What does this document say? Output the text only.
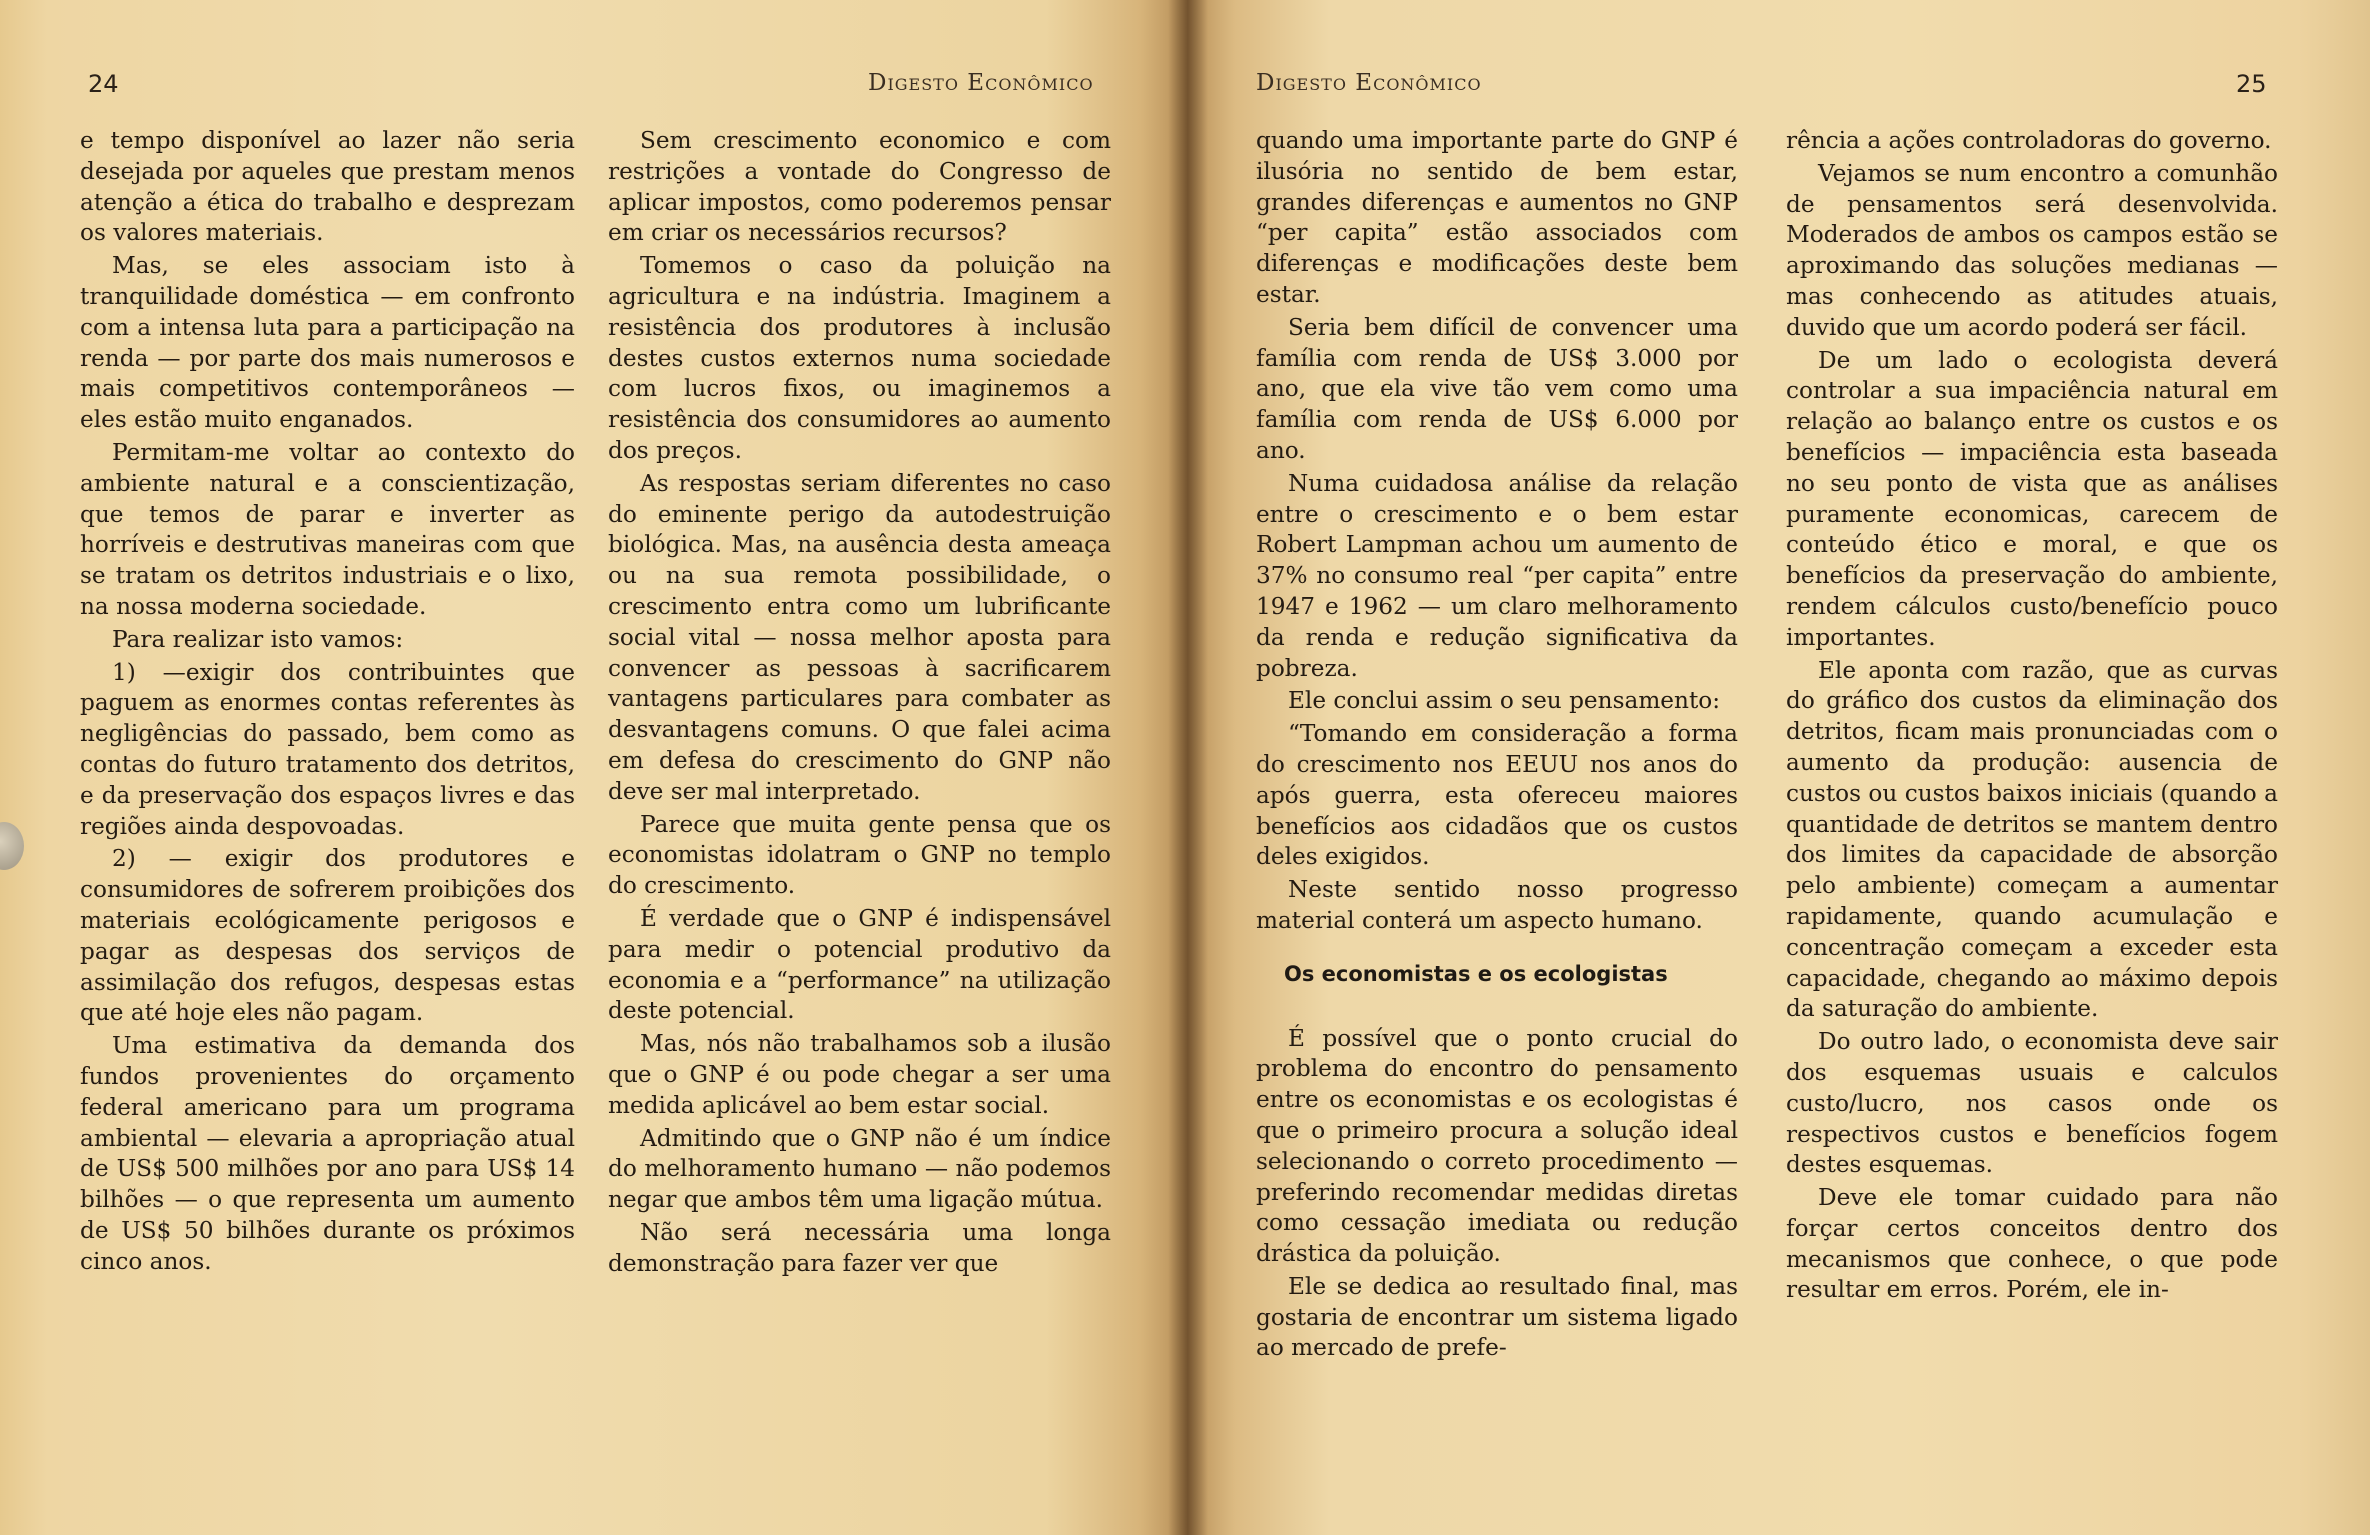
24	Digesto Econômico

e tempo disponível ao lazer não seria desejada por aqueles que prestam menos atenção a ética do trabalho e desprezam os valores materiais.

Mas, se eles associam isto à tranquilidade doméstica — em confronto com a intensa luta para a participação na renda — por parte dos mais numerosos e mais competitivos contemporâneos — eles estão muito enganados.

Permitam-me voltar ao contexto do ambiente natural e a conscientização, que temos de parar e inverter as horríveis e destrutivas maneiras com que se tratam os detritos industriais e o lixo, na nossa moderna sociedade.

Para realizar isto vamos:

1) —exigir dos contribuintes que paguem as enormes contas referentes às negligências do passado, bem como as contas do futuro tratamento dos detritos, e da preservação dos espaços livres e das regiões ainda despovoadas.

2) — exigir dos produtores e consumidores de sofrerem proibições dos materiais ecológicamente perigosos e pagar as despesas dos serviços de assimilação dos refugos, despesas estas que até hoje eles não pagam.

Uma estimativa da demanda dos fundos provenientes do orçamento federal americano para um programa ambiental — elevaria a apropriação atual de US$ 500 milhões por ano para US$ 14 bilhões — o que representa um aumento de US$ 50 bilhões durante os próximos cinco anos.

Sem crescimento economico e com restrições a vontade do Congresso de aplicar impostos, como poderemos pensar em criar os necessários recursos?

Tomemos o caso da poluição na agricultura e na indústria. Imaginem a resistência dos produtores à inclusão destes custos externos numa sociedade com lucros fixos, ou imaginemos a resistência dos consumidores ao aumento dos preços.

As respostas seriam diferentes no caso do eminente perigo da autodestruição biológica. Mas, na ausência desta ameaça ou na sua remota possibilidade, o crescimento entra como um lubrificante social vital — nossa melhor aposta para convencer as pessoas à sacrificarem vantagens particulares para combater as desvantagens comuns. O que falei acima em defesa do crescimento do GNP não deve ser mal interpretado.

Parece que muita gente pensa que os economistas idolatram o GNP no templo do crescimento.

É verdade que o GNP é indispensável para medir o potencial produtivo da economia e a “performance” na utilização deste potencial.

Mas, nós não trabalhamos sob a ilusão que o GNP é ou pode chegar a ser uma medida aplicável ao bem estar social.

Admitindo que o GNP não é um índice do melhoramento humano — não podemos negar que ambos têm uma ligação mútua.

Não será necessária uma longa demonstração para fazer ver que

Digesto Econômico	25

quando uma importante parte do GNP é ilusória no sentido de bem estar, grandes diferenças e aumentos no GNP “per capita” estão associados com diferenças e modificações deste bem estar.

Seria bem difícil de convencer uma família com renda de US$ 3.000 por ano, que ela vive tão vem como uma família com renda de US$ 6.000 por ano.

Numa cuidadosa análise da relação entre o crescimento e o bem estar Robert Lampman achou um aumento de 37% no consumo real “per capita” entre 1947 e 1962 — um claro melhoramento da renda e redução significativa da pobreza.

Ele conclui assim o seu pensamento:

“Tomando em consideração a forma do crescimento nos EEUU nos anos do após guerra, esta ofereceu maiores benefícios aos cidadãos que os custos deles exigidos.

Neste sentido nosso progresso material conterá um aspecto humano.

Os economistas e os ecologistas

É possível que o ponto crucial do problema do encontro do pensamento entre os economistas e os ecologistas é que o primeiro procura a solução ideal selecionando o correto procedimento — preferindo recomendar medidas diretas como cessação imediata ou redução drástica da poluição.

Ele se dedica ao resultado final, mas gostaria de encontrar um sistema ligado ao mercado de prefe-

rência a ações controladoras do governo.

Vejamos se num encontro a comunhão de pensamentos será desenvolvida. Moderados de ambos os campos estão se aproximando das soluções medianas — mas conhecendo as atitudes atuais, duvido que um acordo poderá ser fácil.

De um lado o ecologista deverá controlar a sua impaciência natural em relação ao balanço entre os custos e os benefícios — impaciência esta baseada no seu ponto de vista que as análises puramente economicas, carecem de conteúdo ético e moral, e que os benefícios da preservação do ambiente, rendem cálculos custo/benefício pouco importantes.

Ele aponta com razão, que as curvas do gráfico dos custos da eliminação dos detritos, ficam mais pronunciadas com o aumento da produção: ausencia de custos ou custos baixos iniciais (quando a quantidade de detritos se mantem dentro dos limites da capacidade de absorção pelo ambiente) começam a aumentar rapidamente, quando acumulação e concentração começam a exceder esta capacidade, chegando ao máximo depois da saturação do ambiente.

Do outro lado, o economista deve sair dos esquemas usuais e calculos custo/lucro, nos casos onde os respectivos custos e benefícios fogem destes esquemas.

Deve ele tomar cuidado para não forçar certos conceitos dentro dos mecanismos que conhece, o que pode resultar em erros. Porém, ele in-
